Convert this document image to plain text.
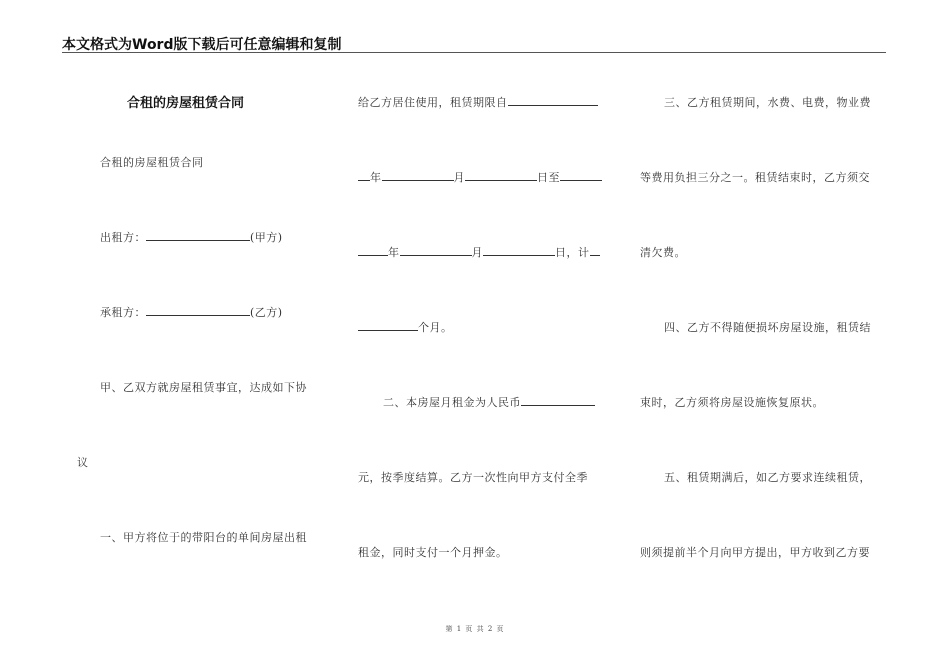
本文格式为Word版下载后可任意编辑和复制
合租的房屋租赁合同
合租的房屋租赁合同
出租方：	(甲方)
承租方：	(乙方)
甲、乙双方就房屋租赁事宜，达成如下协
议
一、甲方将位于的带阳台的单间房屋出租
给乙方居住使用，租赁期限自
年	月	日至
年	月	日，计
个月。
二、本房屋月租金为人民币
元，按季度结算。乙方一次性向甲方支付全季
租金，同时支付一个月押金。
三、乙方租赁期间，水费、电费，物业费
等费用负担三分之一。租赁结束时，乙方须交
清欠费。
四、乙方不得随便损坏房屋设施，租赁结
束时，乙方须将房屋设施恢复原状。
五、租赁期满后，如乙方要求连续租赁，
则须提前半个月向甲方提出，甲方收到乙方要
第 1 页 共 2 页
